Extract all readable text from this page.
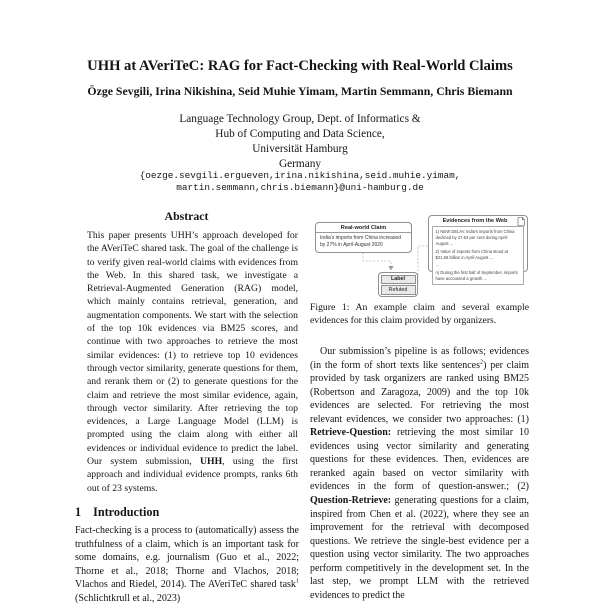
UHH at AVeriTeC: RAG for Fact-Checking with Real-World Claims
Özge Sevgili, Irina Nikishina, Seid Muhie Yimam, Martin Semmann, Chris Biemann
Language Technology Group, Dept. of Informatics &
Hub of Computing and Data Science,
Universität Hamburg
Germany
{oezge.sevgili.ergueven,irina.nikishina,seid.muhie.yimam,
martin.semmann,chris.biemann}@uni-hamburg.de
Abstract
This paper presents UHH’s approach developed for the AVeriTeC shared task. The goal of the challenge is to verify given real-world claims with evidences from the Web. In this shared task, we investigate a Retrieval-Augmented Generation (RAG) model, which mainly contains retrieval, generation, and augmentation components. We start with the selection of the top 10k evidences via BM25 scores, and continue with two approaches to retrieve the most similar evidences: (1) to retrieve top 10 evidences through vector similarity, generate questions for them, and rerank them or (2) to generate questions for the claim and retrieve the most similar evidence, again, through vector similarity. After retrieving the top evidences, a Large Language Model (LLM) is prompted using the claim along with either all evidences or individual evidence to predict the label. Our system submission, UHH, using the first approach and individual evidence prompts, ranks 6th out of 23 systems.
1 Introduction
Fact-checking is a process to (automatically) assess the truthfulness of a claim, which is an important task for some domains, e.g. journalism (Guo et al., 2022; Thorne et al., 2018; Thorne and Vlachos, 2018; Vlachos and Riedel, 2014). The AVeriTeC shared task$^1$ (Schlichtkrull et al., 2023)
Real-world Claim
India's imports from China increased by 27% in April-August 2020
Evidences from the Web

1) NEW DELHI: India's imports from China declined by 27.63 per cent during April-August ...

2) Value of imports from China stood at $21.58 billion in April-August ...

...

n) During the first half of September, imports have accounted a growth ...

Label
Refuted
Figure 1: An example claim and several example evidences for this claim provided by organizers.
Our submission’s pipeline is as follows; evidences (in the form of short texts like sentences$^2$) per claim provided by task organizers are ranked using BM25 (Robertson and Zaragoza, 2009) and the top 10k evidences are selected. For retrieving the most relevant evidences, we consider two approaches: (1) Retrieve-Question: retrieving the most similar 10 evidences using vector similarity and generating questions for these evidences. Then, evidences are reranked again based on vector similarity with evidences in the form of question-answer.; (2) Question-Retrieve: generating questions for a claim, inspired from Chen et al. (2022), where they see an improvement for the retrieval with decomposed questions. We retrieve the single-best evidence per a question using vector similarity. The two approaches perform competitively in the development set. In the last step, we prompt LLM with the retrieved evidences to predict the
